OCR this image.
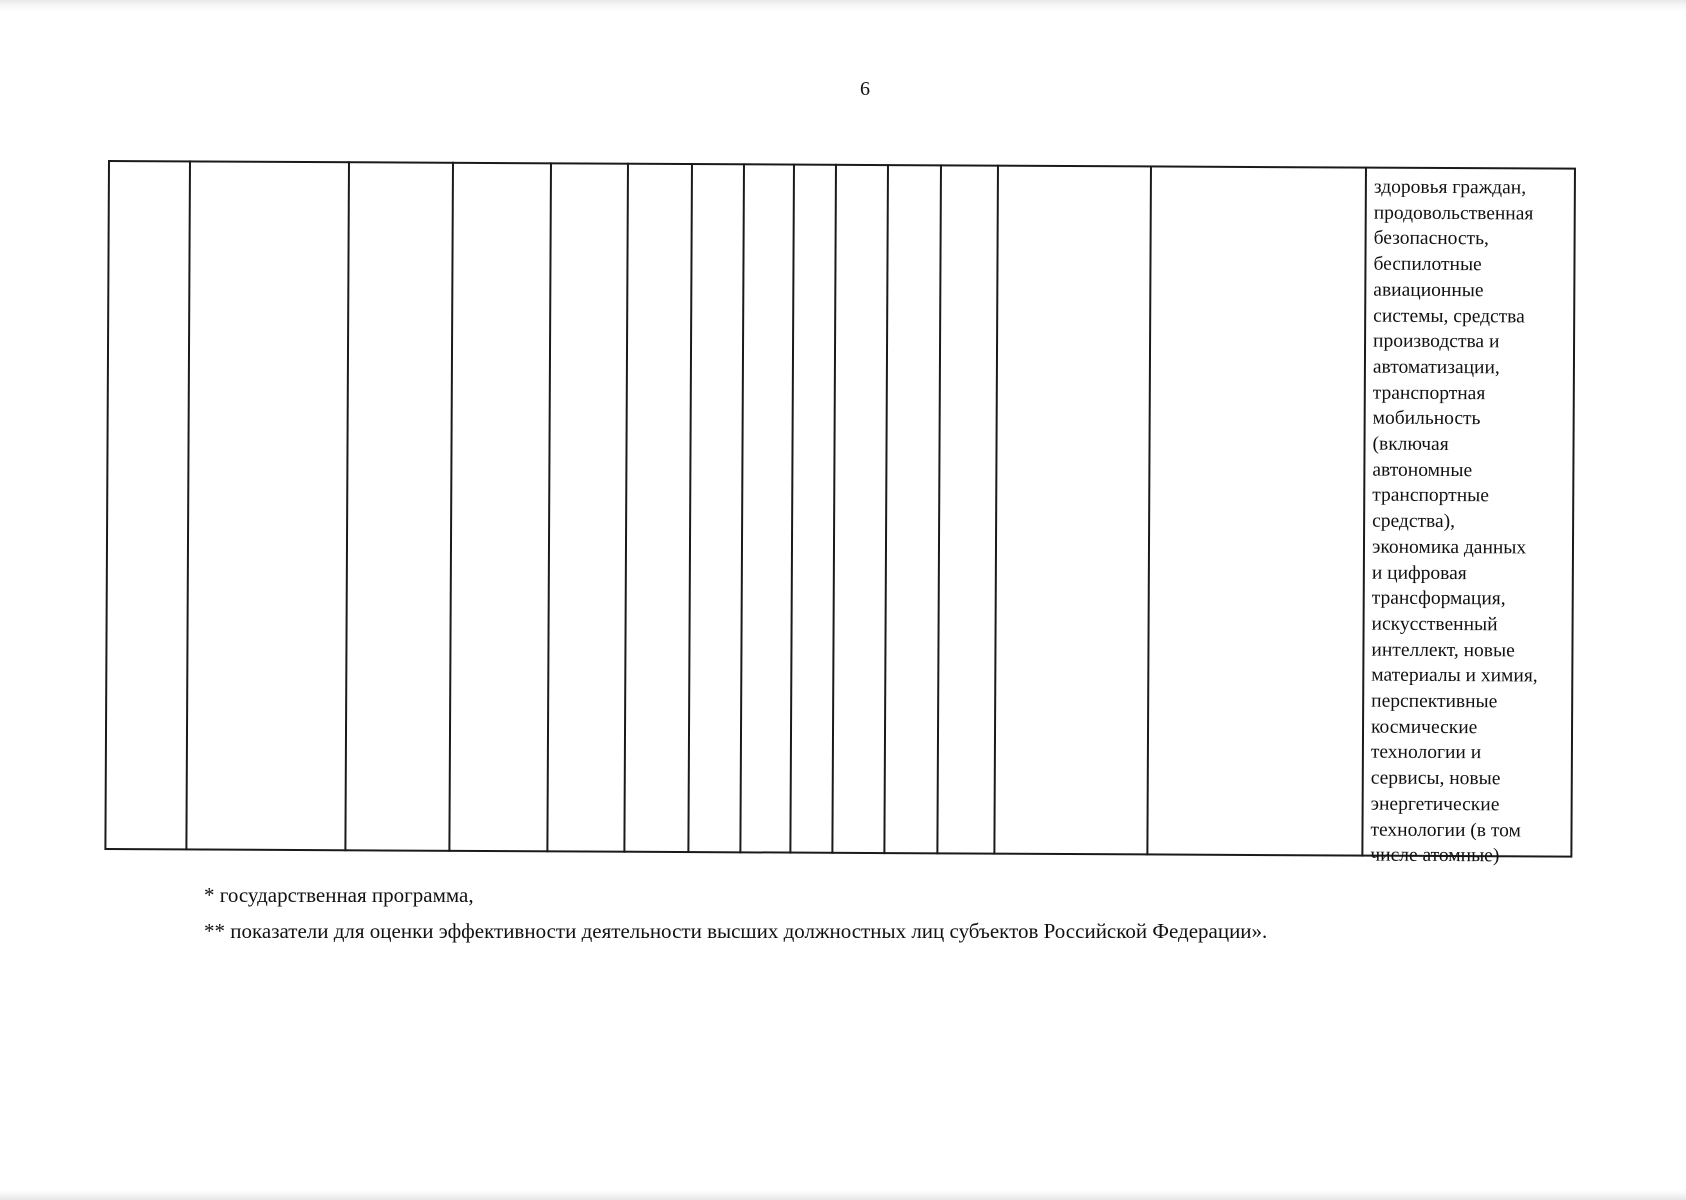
6
здоровья граждан,
продовольственная
безопасность,
беспилотные
авиационные
системы, средства
производства и
автоматизации,
транспортная
мобильность
(включая
автономные
транспортные
средства),
экономика данных
и цифровая
трансформация,
искусственный
интеллект, новые
материалы и химия,
перспективные
космические
технологии и
сервисы, новые
энергетические
технологии (в том
числе атомные)

* государственная программа,

** показатели для оценки эффективности деятельности высших должностных лиц субъектов Российской Федерации».
